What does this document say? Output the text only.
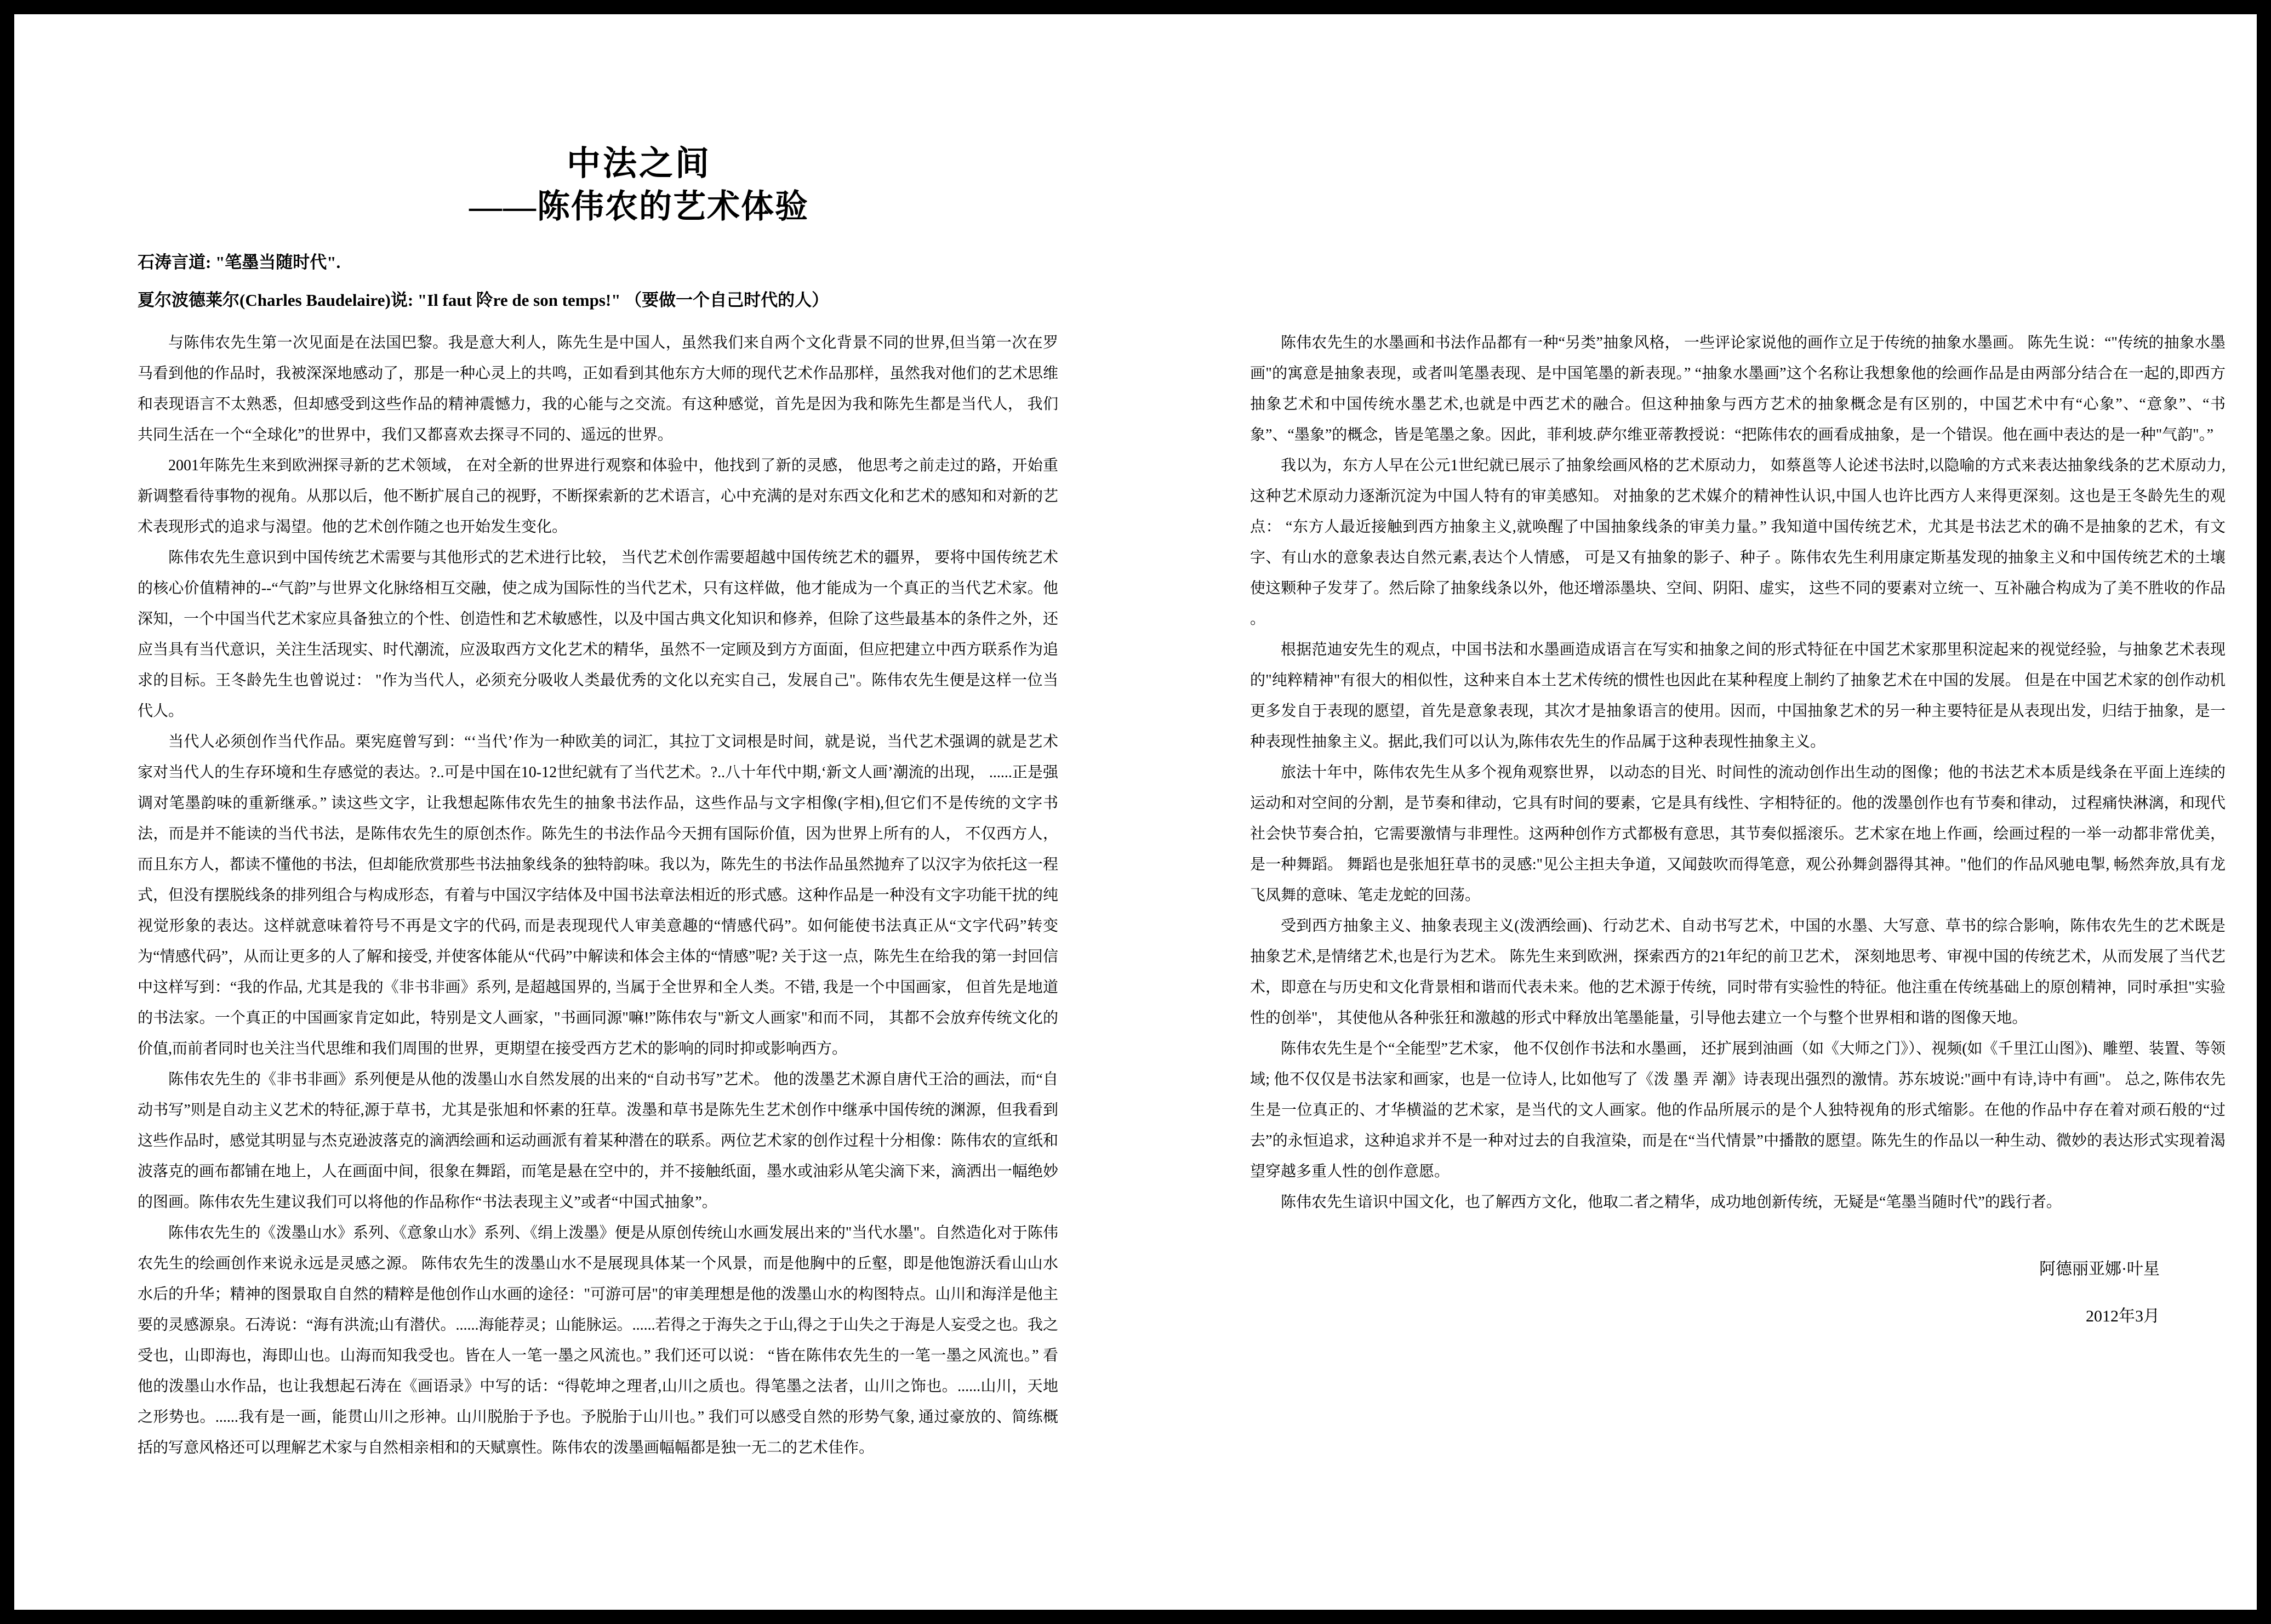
中法之间
——陈伟农的艺术体验
石涛言道: "笔墨当随时代".
夏尔波德莱尔(Charles Baudelaire)说: "Il faut 阾re de son temps!" （要做一个自己时代的人）

与陈伟农先生第一次见面是在法国巴黎。我是意大利人，陈先生是中国人，虽然我们来自两个文化背景不同的世界,但当第一次在罗马看到他的作品时，我被深深地感动了，那是一种心灵上的共鸣，正如看到其他东方大师的现代艺术作品那样，虽然我对他们的艺术思维和表现语言不太熟悉，但却感受到这些作品的精神震憾力，我的心能与之交流。有这种感觉，首先是因为我和陈先生都是当代人， 我们共同生活在一个“全球化”的世界中，我们又都喜欢去探寻不同的、遥远的世界。

2001年陈先生来到欧洲探寻新的艺术领域， 在对全新的世界进行观察和体验中，他找到了新的灵感， 他思考之前走过的路，开始重新调整看待事物的视角。从那以后，他不断扩展自己的视野，不断探索新的艺术语言，心中充满的是对东西文化和艺术的感知和对新的艺术表现形式的追求与渴望。他的艺术创作随之也开始发生变化。

陈伟农先生意识到中国传统艺术需要与其他形式的艺术进行比较， 当代艺术创作需要超越中国传统艺术的疆界， 要将中国传统艺术的核心价值精神的--“气韵”与世界文化脉络相互交融，使之成为国际性的当代艺术，只有这样做，他才能成为一个真正的当代艺术家。他深知，一个中国当代艺术家应具备独立的个性、创造性和艺术敏感性，以及中国古典文化知识和修养，但除了这些最基本的条件之外，还应当具有当代意识，关注生活现实、时代潮流，应汲取西方文化艺术的精华，虽然不一定顾及到方方面面，但应把建立中西方联系作为追求的目标。王冬龄先生也曾说过： "作为当代人，必须充分吸收人类最优秀的文化以充实自己，发展自己"。陈伟农先生便是这样一位当代人。

当代人必须创作当代作品。栗宪庭曾写到：“‘当代’作为一种欧美的词汇，其拉丁文词根是时间，就是说，当代艺术强调的就是艺术家对当代人的生存环境和生存感觉的表达。?..可是中国在10-12世纪就有了当代艺术。?..八十年代中期,‘新文人画’潮流的出现， ......正是强调对笔墨韵味的重新继承。” 读这些文字，让我想起陈伟农先生的抽象书法作品，这些作品与文字相像(字相),但它们不是传统的文字书法，而是并不能读的当代书法，是陈伟农先生的原创杰作。陈先生的书法作品今天拥有国际价值，因为世界上所有的人， 不仅西方人，而且东方人，都读不懂他的书法，但却能欣赏那些书法抽象线条的独特韵味。我以为，陈先生的书法作品虽然抛弃了以汉字为依托这一程式，但没有摆脱线条的排列组合与构成形态，有着与中国汉字结体及中国书法章法相近的形式感。这种作品是一种没有文字功能干扰的纯视觉形象的表达。这样就意味着符号不再是文字的代码, 而是表现现代人审美意趣的“情感代码”。如何能使书法真正从“文字代码”转变为“情感代码”，从而让更多的人了解和接受, 并使客体能从“代码”中解读和体会主体的“情感”呢? 关于这一点，陈先生在给我的第一封回信中这样写到：“我的作品, 尤其是我的《非书非画》系列, 是超越国界的, 当属于全世界和全人类。不错, 我是一个中国画家， 但首先是地道的书法家。一个真正的中国画家肯定如此，特别是文人画家，"书画同源"嘛!”陈伟农与"新文人画家"和而不同， 其都不会放弃传统文化的价值,而前者同时也关注当代思维和我们周围的世界，更期望在接受西方艺术的影响的同时抑或影响西方。

陈伟农先生的《非书非画》系列便是从他的泼墨山水自然发展的出来的“自动书写”艺术。 他的泼墨艺术源自唐代王洽的画法，而“自动书写”则是自动主义艺术的特征,源于草书，尤其是张旭和怀素的狂草。泼墨和草书是陈先生艺术创作中继承中国传统的渊源，但我看到这些作品时，感觉其明显与杰克逊波落克的滴洒绘画和运动画派有着某种潜在的联系。两位艺术家的创作过程十分相像：陈伟农的宣纸和波落克的画布都铺在地上，人在画面中间，很象在舞蹈，而笔是悬在空中的，并不接触纸面，墨水或油彩从笔尖滴下来，滴洒出一幅绝妙的图画。陈伟农先生建议我们可以将他的作品称作“书法表现主义”或者“中国式抽象”。

陈伟农先生的《泼墨山水》系列、《意象山水》系列、《绢上泼墨》便是从原创传统山水画发展出来的"当代水墨"。自然造化对于陈伟农先生的绘画创作来说永远是灵感之源。 陈伟农先生的泼墨山水不是展现具体某一个风景，而是他胸中的丘壑，即是他饱游沃看山山水水后的升华；精神的图景取自自然的精粹是他创作山水画的途径："可游可居"的审美理想是他的泼墨山水的构图特点。山川和海洋是他主要的灵感源泉。石涛说：“海有洪流;山有潜伏。......海能荐灵；山能脉运。......若得之于海失之于山,得之于山失之于海是人妄受之也。我之受也，山即海也，海即山也。山海而知我受也。皆在人一笔一墨之风流也。” 我们还可以说： “皆在陈伟农先生的一笔一墨之风流也。” 看他的泼墨山水作品，也让我想起石涛在《画语录》中写的话：“得乾坤之理者,山川之质也。得笔墨之法者，山川之饰也。......山川，天地之形势也。......我有是一画，能贯山川之形神。山川脱胎于予也。予脱胎于山川也。” 我们可以感受自然的形势气象, 通过豪放的、简练概括的写意风格还可以理解艺术家与自然相亲相和的天赋禀性。陈伟农的泼墨画幅幅都是独一无二的艺术佳作。

陈伟农先生的水墨画和书法作品都有一种“另类”抽象风格， 一些评论家说他的画作立足于传统的抽象水墨画。 陈先生说：“"传统的抽象水墨画"的寓意是抽象表现，或者叫笔墨表现、是中国笔墨的新表现。” “抽象水墨画”这个名称让我想象他的绘画作品是由两部分结合在一起的,即西方抽象艺术和中国传统水墨艺术,也就是中西艺术的融合。但这种抽象与西方艺术的抽象概念是有区别的，中国艺术中有“心象”、“意象”、“书象”、“墨象”的概念，皆是笔墨之象。因此，菲利坡.萨尔维亚蒂教授说：“把陈伟农的画看成抽象，是一个错误。他在画中表达的是一种"气韵"。”

我以为，东方人早在公元1世纪就已展示了抽象绘画风格的艺术原动力， 如蔡邕等人论述书法时,以隐喻的方式来表达抽象线条的艺术原动力,这种艺术原动力逐渐沉淀为中国人特有的审美感知。 对抽象的艺术媒介的精神性认识,中国人也许比西方人来得更深刻。这也是王冬龄先生的观点： “东方人最近接触到西方抽象主义,就唤醒了中国抽象线条的审美力量。” 我知道中国传统艺术，尤其是书法艺术的确不是抽象的艺术，有文字、有山水的意象表达自然元素,表达个人情感， 可是又有抽象的影子、种子 。陈伟农先生利用康定斯基发现的抽象主义和中国传统艺术的土壤使这颗种子发芽了。然后除了抽象线条以外，他还增添墨块、空间、阴阳、虚实， 这些不同的要素对立统一、互补融合构成为了美不胜收的作品 。

根据范迪安先生的观点，中国书法和水墨画造成语言在写实和抽象之间的形式特征在中国艺术家那里积淀起来的视觉经验，与抽象艺术表现的"纯粹精神"有很大的相似性，这种来自本土艺术传统的惯性也因此在某种程度上制约了抽象艺术在中国的发展。 但是在中国艺术家的创作动机更多发自于表现的愿望，首先是意象表现，其次才是抽象语言的使用。因而，中国抽象艺术的另一种主要特征是从表现出发，归结于抽象，是一种表现性抽象主义。据此,我们可以认为,陈伟农先生的作品属于这种表现性抽象主义。

旅法十年中，陈伟农先生从多个视角观察世界， 以动态的目光、时间性的流动创作出生动的图像；他的书法艺术本质是线条在平面上连续的运动和对空间的分割，是节奏和律动，它具有时间的要素，它是具有线性、字相特征的。他的泼墨创作也有节奏和律动， 过程痛快淋漓，和现代社会快节奏合拍，它需要激情与非理性。这两种创作方式都极有意思，其节奏似摇滚乐。艺术家在地上作画，绘画过程的一举一动都非常优美，是一种舞蹈。 舞蹈也是张旭狂草书的灵感:"见公主担夫争道，又闻鼓吹而得笔意，观公孙舞剑器得其神。"他们的作品风驰电掣, 畅然奔放,具有龙飞凤舞的意味、笔走龙蛇的回荡。

受到西方抽象主义、抽象表现主义(泼洒绘画)、行动艺术、自动书写艺术，中国的水墨、大写意、草书的综合影响，陈伟农先生的艺术既是抽象艺术,是情绪艺术,也是行为艺术。 陈先生来到欧洲，探索西方的21年纪的前卫艺术， 深刻地思考、审视中国的传统艺术，从而发展了当代艺术，即意在与历史和文化背景相和谐而代表未来。他的艺术源于传统，同时带有实验性的特征。他注重在传统基础上的原创精神，同时承担"实验性的创举"， 其使他从各种张狂和激越的形式中释放出笔墨能量，引导他去建立一个与整个世界相和谐的图像天地。

陈伟农先生是个“全能型”艺术家， 他不仅创作书法和水墨画， 还扩展到油画（如《大师之门》）、视频(如《千里江山图》)、雕塑、装置、等领域; 他不仅仅是书法家和画家，也是一位诗人, 比如他写了《泼 墨 弄 潮》诗表现出强烈的激情。苏东坡说:"画中有诗,诗中有画"。 总之, 陈伟农先生是一位真正的、才华横溢的艺术家，是当代的文人画家。他的作品所展示的是个人独特视角的形式缩影。在他的作品中存在着对顽石般的“过去”的永恒追求，这种追求并不是一种对过去的自我渲染，而是在“当代情景”中播散的愿望。陈先生的作品以一种生动、微妙的表达形式实现着渴望穿越多重人性的创作意愿。

陈伟农先生谙识中国文化，也了解西方文化，他取二者之精华，成功地创新传统，无疑是“笔墨当随时代”的践行者。

阿德丽亚娜·叶星
2012年3月
